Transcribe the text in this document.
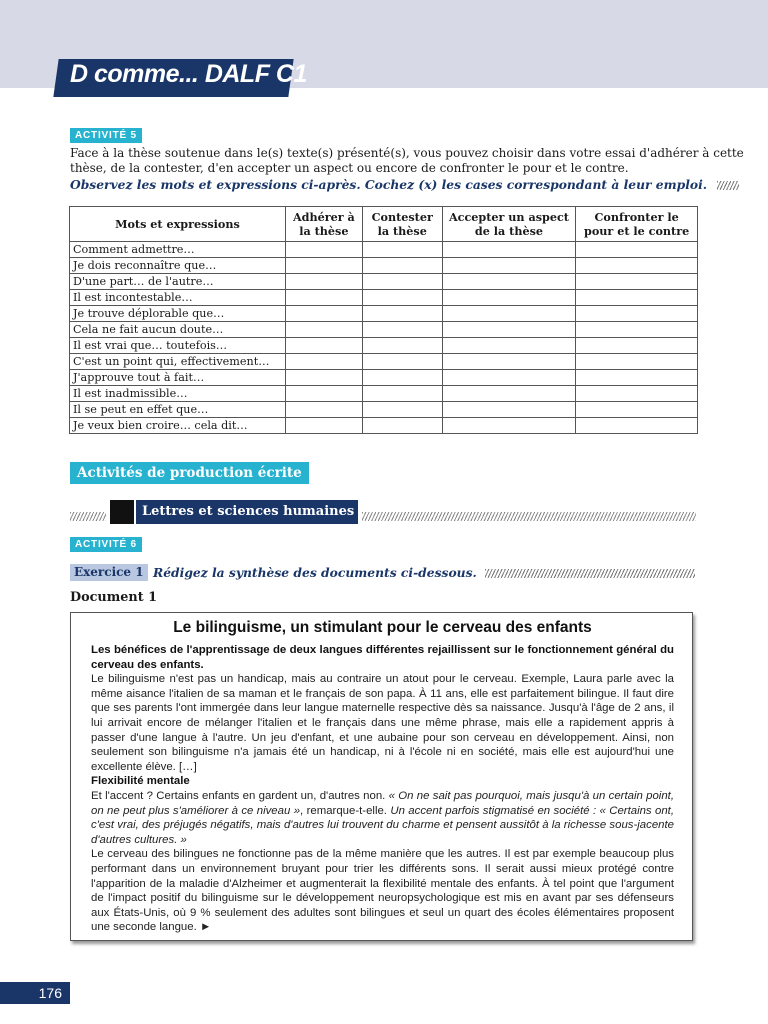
D comme... DALF C1
ACTIVITÉ 5
Face à la thèse soutenue dans le(s) texte(s) présenté(s), vous pouvez choisir dans votre essai d'adhérer à cette
thèse, de la contester, d'en accepter un aspect ou encore de confronter le pour et le contre.
Observez les mots et expressions ci-après. Cochez (x) les cases correspondant à leur emploi.
Mots et expressions	Adhérer à la thèse	Contester la thèse	Accepter un aspect de la thèse	Confronter le pour et le contre
Comment admettre…				
Je dois reconnaître que…				
D'une part… de l'autre…				
Il est incontestable…				
Je trouve déplorable que…				
Cela ne fait aucun doute…				
Il est vrai que… toutefois…				
C'est un point qui, effectivement…				
J'approuve tout à fait…				
Il est inadmissible…				
Il se peut en effet que…				
Je veux bien croire… cela dit…				
Activités de production écrite
Lettres et sciences humaines
ACTIVITÉ 6
Exercice 1 Rédigez la synthèse des documents ci-dessous.
Document 1
Le bilinguisme, un stimulant pour le cerveau des enfants
Les bénéfices de l'apprentissage de deux langues différentes rejaillissent sur le fonctionnement général du cerveau des enfants.
Le bilinguisme n'est pas un handicap, mais au contraire un atout pour le cerveau. Exemple, Laura parle avec la même aisance l'italien de sa maman et le français de son papa. À 11 ans, elle est parfaitement bilingue. Il faut dire que ses parents l'ont immergée dans leur langue maternelle respective dès sa naissance. Jusqu'à l'âge de 2 ans, il lui arrivait encore de mélanger l'italien et le français dans une même phrase, mais elle a rapidement appris à passer d'une langue à l'autre. Un jeu d'enfant, et une aubaine pour son cerveau en développement. Ainsi, non seulement son bilinguisme n'a jamais été un handicap, ni à l'école ni en société, mais elle est aujourd'hui une excellente élève. […]
Flexibilité mentale
Et l'accent ? Certains enfants en gardent un, d'autres non. « On ne sait pas pourquoi, mais jusqu'à un certain point, on ne peut plus s'améliorer à ce niveau », remarque-t-elle. Un accent parfois stigmatisé en société : « Certains ont, c'est vrai, des préjugés négatifs, mais d'autres lui trouvent du charme et pensent aussitôt à la richesse sous-jacente d'autres cultures. »
Le cerveau des bilingues ne fonctionne pas de la même manière que les autres. Il est par exemple beaucoup plus performant dans un environnement bruyant pour trier les différents sons. Il serait aussi mieux protégé contre l'apparition de la maladie d'Alzheimer et augmenterait la flexibilité mentale des enfants. À tel point que l'argument de l'impact positif du bilinguisme sur le développement neuropsychologique est mis en avant par ses défenseurs aux États-Unis, où 9 % seulement des adultes sont bilingues et seul un quart des écoles élémentaires proposent une seconde langue. ►
176
